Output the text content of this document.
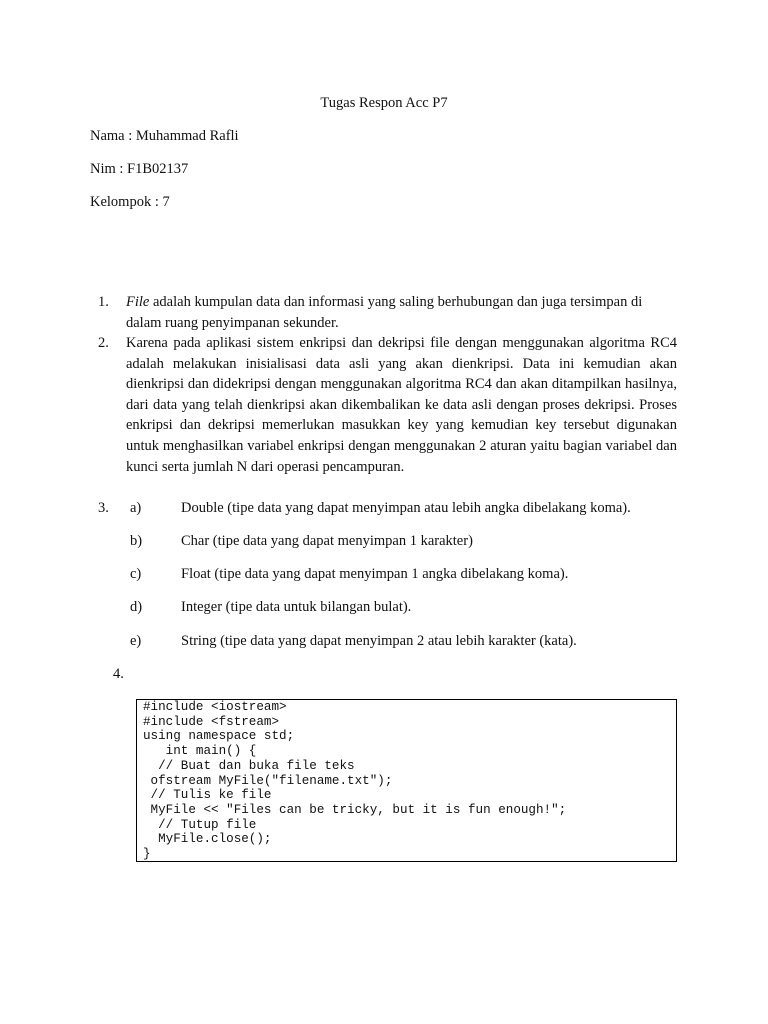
Tugas Respon Acc P7
Nama : Muhammad Rafli
Nim : F1B02137
Kelompok : 7
1. File adalah kumpulan data dan informasi yang saling berhubungan dan juga tersimpan di dalam ruang penyimpanan sekunder.
2. Karena pada aplikasi sistem enkripsi dan dekripsi file dengan menggunakan algoritma RC4 adalah melakukan inisialisasi data asli yang akan dienkripsi. Data ini kemudian akan dienkripsi dan didekripsi dengan menggunakan algoritma RC4 dan akan ditampilkan hasilnya, dari data yang telah dienkripsi akan dikembalikan ke data asli dengan proses dekripsi. Proses enkripsi dan dekripsi memerlukan masukkan key yang kemudian key tersebut digunakan untuk menghasilkan variabel enkripsi dengan menggunakan 2 aturan yaitu bagian variabel dan kunci serta jumlah N dari operasi pencampuran.
3. a)	Double (tipe data yang dapat menyimpan atau lebih angka dibelakang koma).
b)	Char (tipe data yang dapat menyimpan 1 karakter)
c)	Float (tipe data yang dapat menyimpan 1 angka dibelakang koma).
d)	Integer (tipe data untuk bilangan bulat).
e)	String (tipe data yang dapat menyimpan 2 atau lebih karakter (kata).
4.
#include <iostream>
#include <fstream>
using namespace std;
int main() {
// Buat dan buka file teks
ofstream MyFile("filename.txt");
// Tulis ke file
MyFile << "Files can be tricky, but it is fun enough!";
// Tutup file
MyFile.close();
}
